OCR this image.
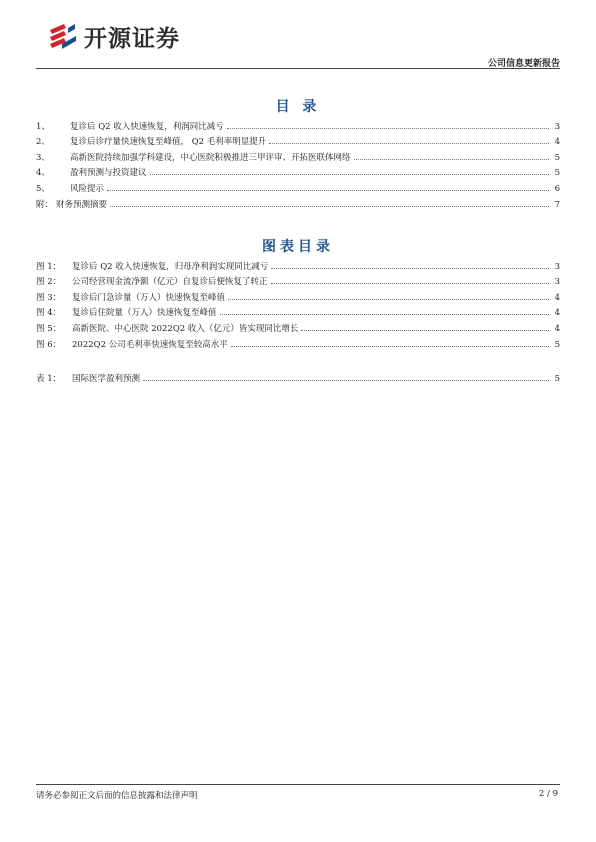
开源证券
公司信息更新报告
目 录
1、	复诊后 Q2 收入快速恢复，利润同比减亏	3
2、	复诊后诊疗量快速恢复至峰值， Q2 毛利率明显提升	4
3、	高新医院持续加强学科建设，中心医院积极推进三甲评审、开拓医联体网络	5
4、	盈利预测与投资建议	5
5、	风险提示	6
附： 财务预测摘要	7
图表目录
图 1：	复诊后 Q2 收入快速恢复，归母净利润实现同比减亏	3
图 2：	公司经营现金流净额（亿元）自复诊后便恢复了转正	3
图 3：	复诊后门急诊量（万人）快速恢复至峰值	4
图 4：	复诊后住院量（万人）快速恢复至峰值	4
图 5：	高新医院、中心医院 2022Q2 收入（亿元）皆实现同比增长	4
图 6：	2022Q2 公司毛利率快速恢复至较高水平	5
表 1：	国际医学盈利预测	5
请务必参阅正文后面的信息披露和法律声明	2 / 9
